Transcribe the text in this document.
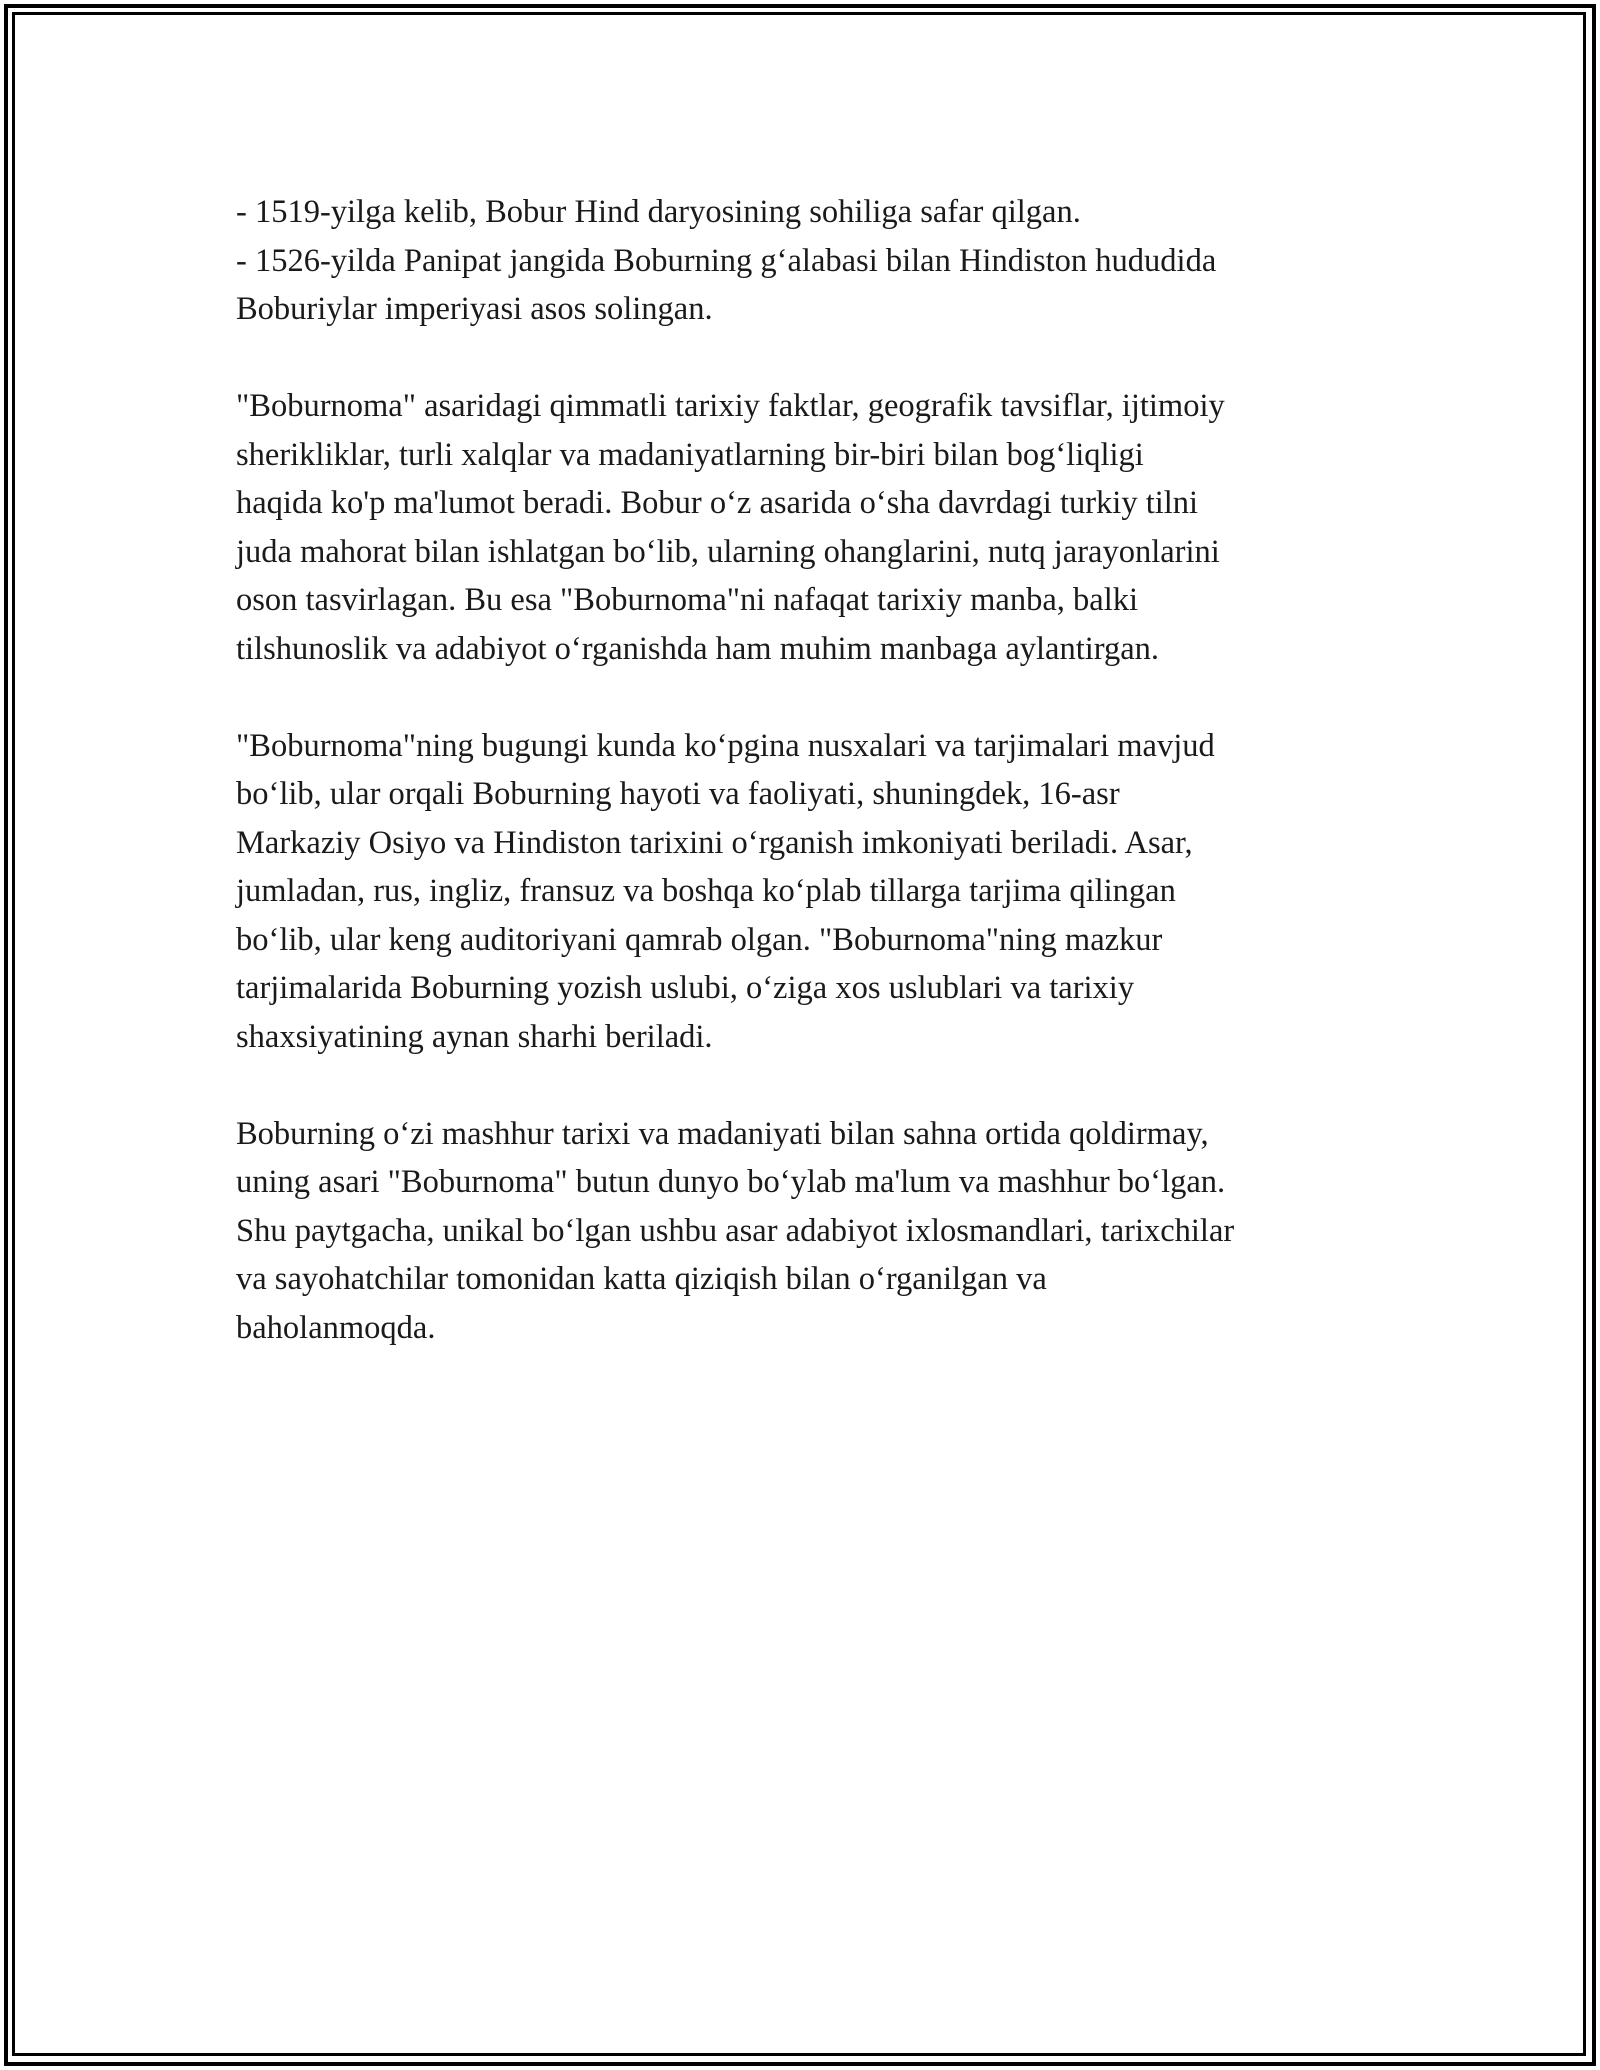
- 1519-yilga kelib, Bobur Hind daryosining sohiliga safar qilgan.
- 1526-yilda Panipat jangida Boburning g‘alabasi bilan Hindiston hududida
Boburiylar imperiyasi asos solingan.
"Boburnoma" asaridagi qimmatli tarixiy faktlar, geografik tavsiflar, ijtimoiy
sherikliklar, turli xalqlar va madaniyatlarning bir-biri bilan bog‘liqligi
haqida ko'p ma'lumot beradi. Bobur o‘z asarida o‘sha davrdagi turkiy tilni
juda mahorat bilan ishlatgan bo‘lib, ularning ohanglarini, nutq jarayonlarini
oson tasvirlagan. Bu esa "Boburnoma"ni nafaqat tarixiy manba, balki
tilshunoslik va adabiyot o‘rganishda ham muhim manbaga aylantirgan.
"Boburnoma"ning bugungi kunda ko‘pgina nusxalari va tarjimalari mavjud
bo‘lib, ular orqali Boburning hayoti va faoliyati, shuningdek, 16-asr
Markaziy Osiyo va Hindiston tarixini o‘rganish imkoniyati beriladi. Asar,
jumladan, rus, ingliz, fransuz va boshqa ko‘plab tillarga tarjima qilingan
bo‘lib, ular keng auditoriyani qamrab olgan. "Boburnoma"ning mazkur
tarjimalarida Boburning yozish uslubi, o‘ziga xos uslublari va tarixiy
shaxsiyatining aynan sharhi beriladi.
Boburning o‘zi mashhur tarixi va madaniyati bilan sahna ortida qoldirmay,
uning asari "Boburnoma" butun dunyo bo‘ylab ma'lum va mashhur bo‘lgan.
Shu paytgacha, unikal bo‘lgan ushbu asar adabiyot ixlosmandlari, tarixchilar
va sayohatchilar tomonidan katta qiziqish bilan o‘rganilgan va
baholanmoqda.
